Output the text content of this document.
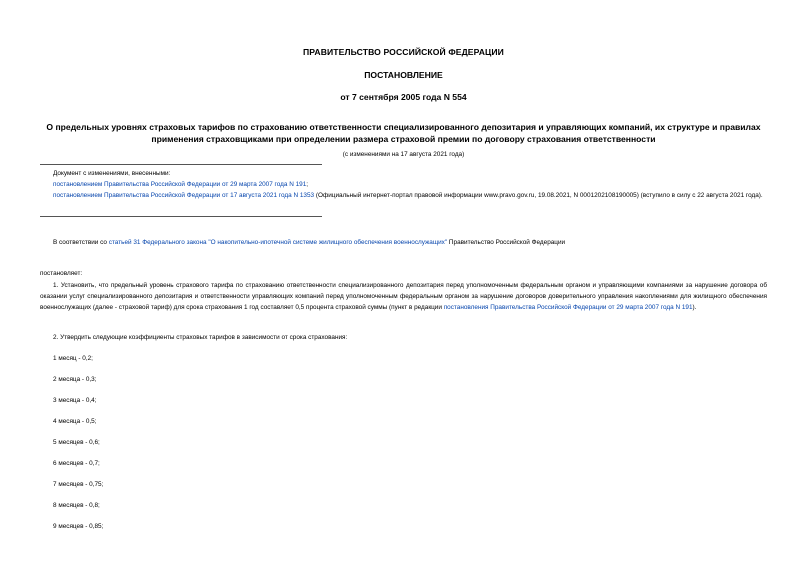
ПРАВИТЕЛЬСТВО РОССИЙСКОЙ ФЕДЕРАЦИИ
ПОСТАНОВЛЕНИЕ
от 7 сентября 2005 года N 554
О предельных уровнях страховых тарифов по страхованию ответственности специализированного депозитария и управляющих компаний, их структуре и правилах применения страховщиками при определении размера страховой премии по договору страхования ответственности
(с изменениями на 17 августа 2021 года)
Документ с изменениями, внесенными:
постановлением Правительства Российской Федерации от 29 марта 2007 года N 191;
постановлением Правительства Российской Федерации от 17 августа 2021 года N 1353 (Официальный интернет-портал правовой информации www.pravo.gov.ru, 19.08.2021, N 0001202108190005) (вступило в силу с 22 августа 2021 года).
В соответствии со статьей 31 Федерального закона "О накопительно-ипотечной системе жилищного обеспечения военнослужащих" Правительство Российской Федерации
постановляет:
1. Установить, что предельный уровень страхового тарифа по страхованию ответственности специализированного депозитария перед уполномоченным федеральным органом и управляющими компаниями за нарушение договора об оказании услуг специализированного депозитария и ответственности управляющих компаний перед уполномоченным федеральным органом за нарушение договоров доверительного управления накоплениями для жилищного обеспечения военнослужащих (далее - страховой тариф) для срока страхования 1 год составляет 0,5 процента страховой суммы (пункт в редакции постановления Правительства Российской Федерации от 29 марта 2007 года N 191).
2. Утвердить следующие коэффициенты страховых тарифов в зависимости от срока страхования:
1 месяц - 0,2;
2 месяца - 0,3;
3 месяца - 0,4;
4 месяца - 0,5;
5 месяцев - 0,6;
6 месяцев - 0,7;
7 месяцев - 0,75;
8 месяцев - 0,8;
9 месяцев - 0,85;
